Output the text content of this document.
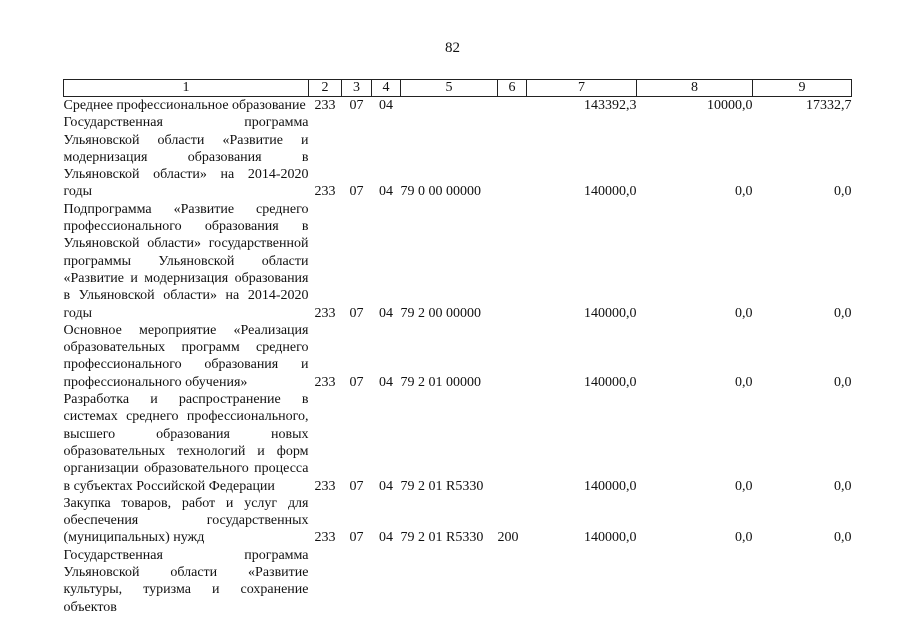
82
1	2	3	4	5	6	7	8	9
Среднее профессиональное образование	233	07	04			143392,3	10000,0	17332,7
Государственная программа Ульяновской области «Развитие и модернизация образования в Ульяновской области» на 2014-2020 годы	233	07	04	79 0 00 00000		140000,0	0,0	0,0
Подпрограмма «Развитие среднего профессионального образования в Ульяновской области» государственной программы Ульяновской области «Развитие и модернизация образования в Ульяновской области» на 2014-2020 годы	233	07	04	79 2 00 00000		140000,0	0,0	0,0
Основное мероприятие «Реализация образовательных программ среднего профессионального образования и профессионального обучения»	233	07	04	79 2 01 00000		140000,0	0,0	0,0
Разработка и распространение в системах среднего профессионального, высшего образования новых образовательных технологий и форм организации образовательного процесса в субъектах Российской Федерации	233	07	04	79 2 01 R5330		140000,0	0,0	0,0
Закупка товаров, работ и услуг для обеспечения государственных (муниципальных) нужд	233	07	04	79 2 01 R5330	200	140000,0	0,0	0,0
Государственная программа Ульяновской области «Развитие культуры, туризма и сохранение объектов								
